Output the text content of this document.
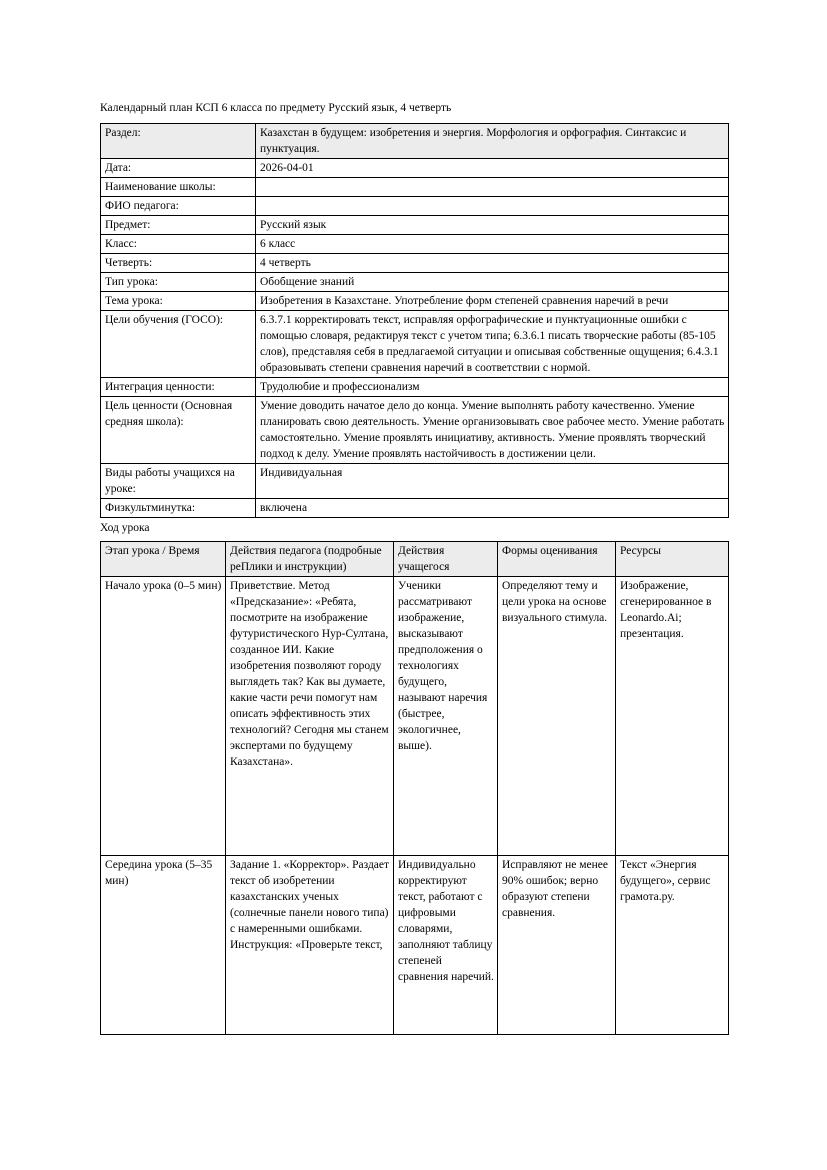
Календарный план КСП 6 класса по предмету Русский язык, 4 четверть
Раздел:	Казахстан в будущем: изобретения и энергия. Морфология и орфография. Синтаксис и пунктуация.
Дата:	2026-04-01
Наименование школы:	
ФИО педагога:	
Предмет:	Русский язык
Класс:	6 класс
Четверть:	4 четверть
Тип урока:	Обобщение знаний
Тема урока:	Изобретения в Казахстане. Употребление форм степеней сравнения наречий в речи
Цели обучения (ГОСО):	6.3.7.1 корректировать текст, исправляя орфографические и пунктуационные ошибки с помощью словаря, редактируя текст с учетом типа; 6.3.6.1 писать творческие работы (85-105 слов), представляя себя в предлагаемой ситуации и описывая собственные ощущения; 6.4.3.1 образовывать степени сравнения наречий в соответствии с нормой.
Интеграция ценности:	Трудолюбие и профессионализм
Цель ценности (Основная средняя школа):	Умение доводить начатое дело до конца. Умение выполнять работу качественно. Умение планировать свою деятельность. Умение организовывать свое рабочее место. Умение работать самостоятельно. Умение проявлять инициативу, активность. Умение проявлять творческий подход к делу. Умение проявлять настойчивость в достижении цели.
Виды работы учащихся на уроке:	Индивидуальная
Физкультминутка:	включена
Ход урока
Этап урока / Время	Действия педагога (подробные реПлики и инструкции)	Действия учащегося	Формы оценивания	Ресурсы

Начало урока (0–5 мин)	Приветствие. Метод «Предсказание»: «Ребята, посмотрите на изображение футуристического Нур-Султана, созданное ИИ. Какие изобретения позволяют городу выглядеть так? Как вы думаете, какие части речи помогут нам описать эффективность этих технологий? Сегодня мы станем экспертами по будущему Казахстана».	Ученики рассматривают изображение, высказывают предположения о технологиях будущего, называют наречия (быстрее, экологичнее, выше).	Определяют тему и цели урока на основе визуального стимула.	Изображение, сгенерированное в Leonardo.Ai; презентация.

Середина урока (5–35 мин)	Задание 1. «Корректор». Раздает текст об изобретении казахстанских ученых (солнечные панели нового типа) с намеренными ошибками. Инструкция: «Проверьте текст,	Индивидуально корректируют текст, работают с цифровыми словарями, заполняют таблицу степеней сравнения наречий.	Исправляют не менее 90% ошибок; верно образуют степени сравнения.	Текст «Энергия будущего», сервис грамота.ру.
